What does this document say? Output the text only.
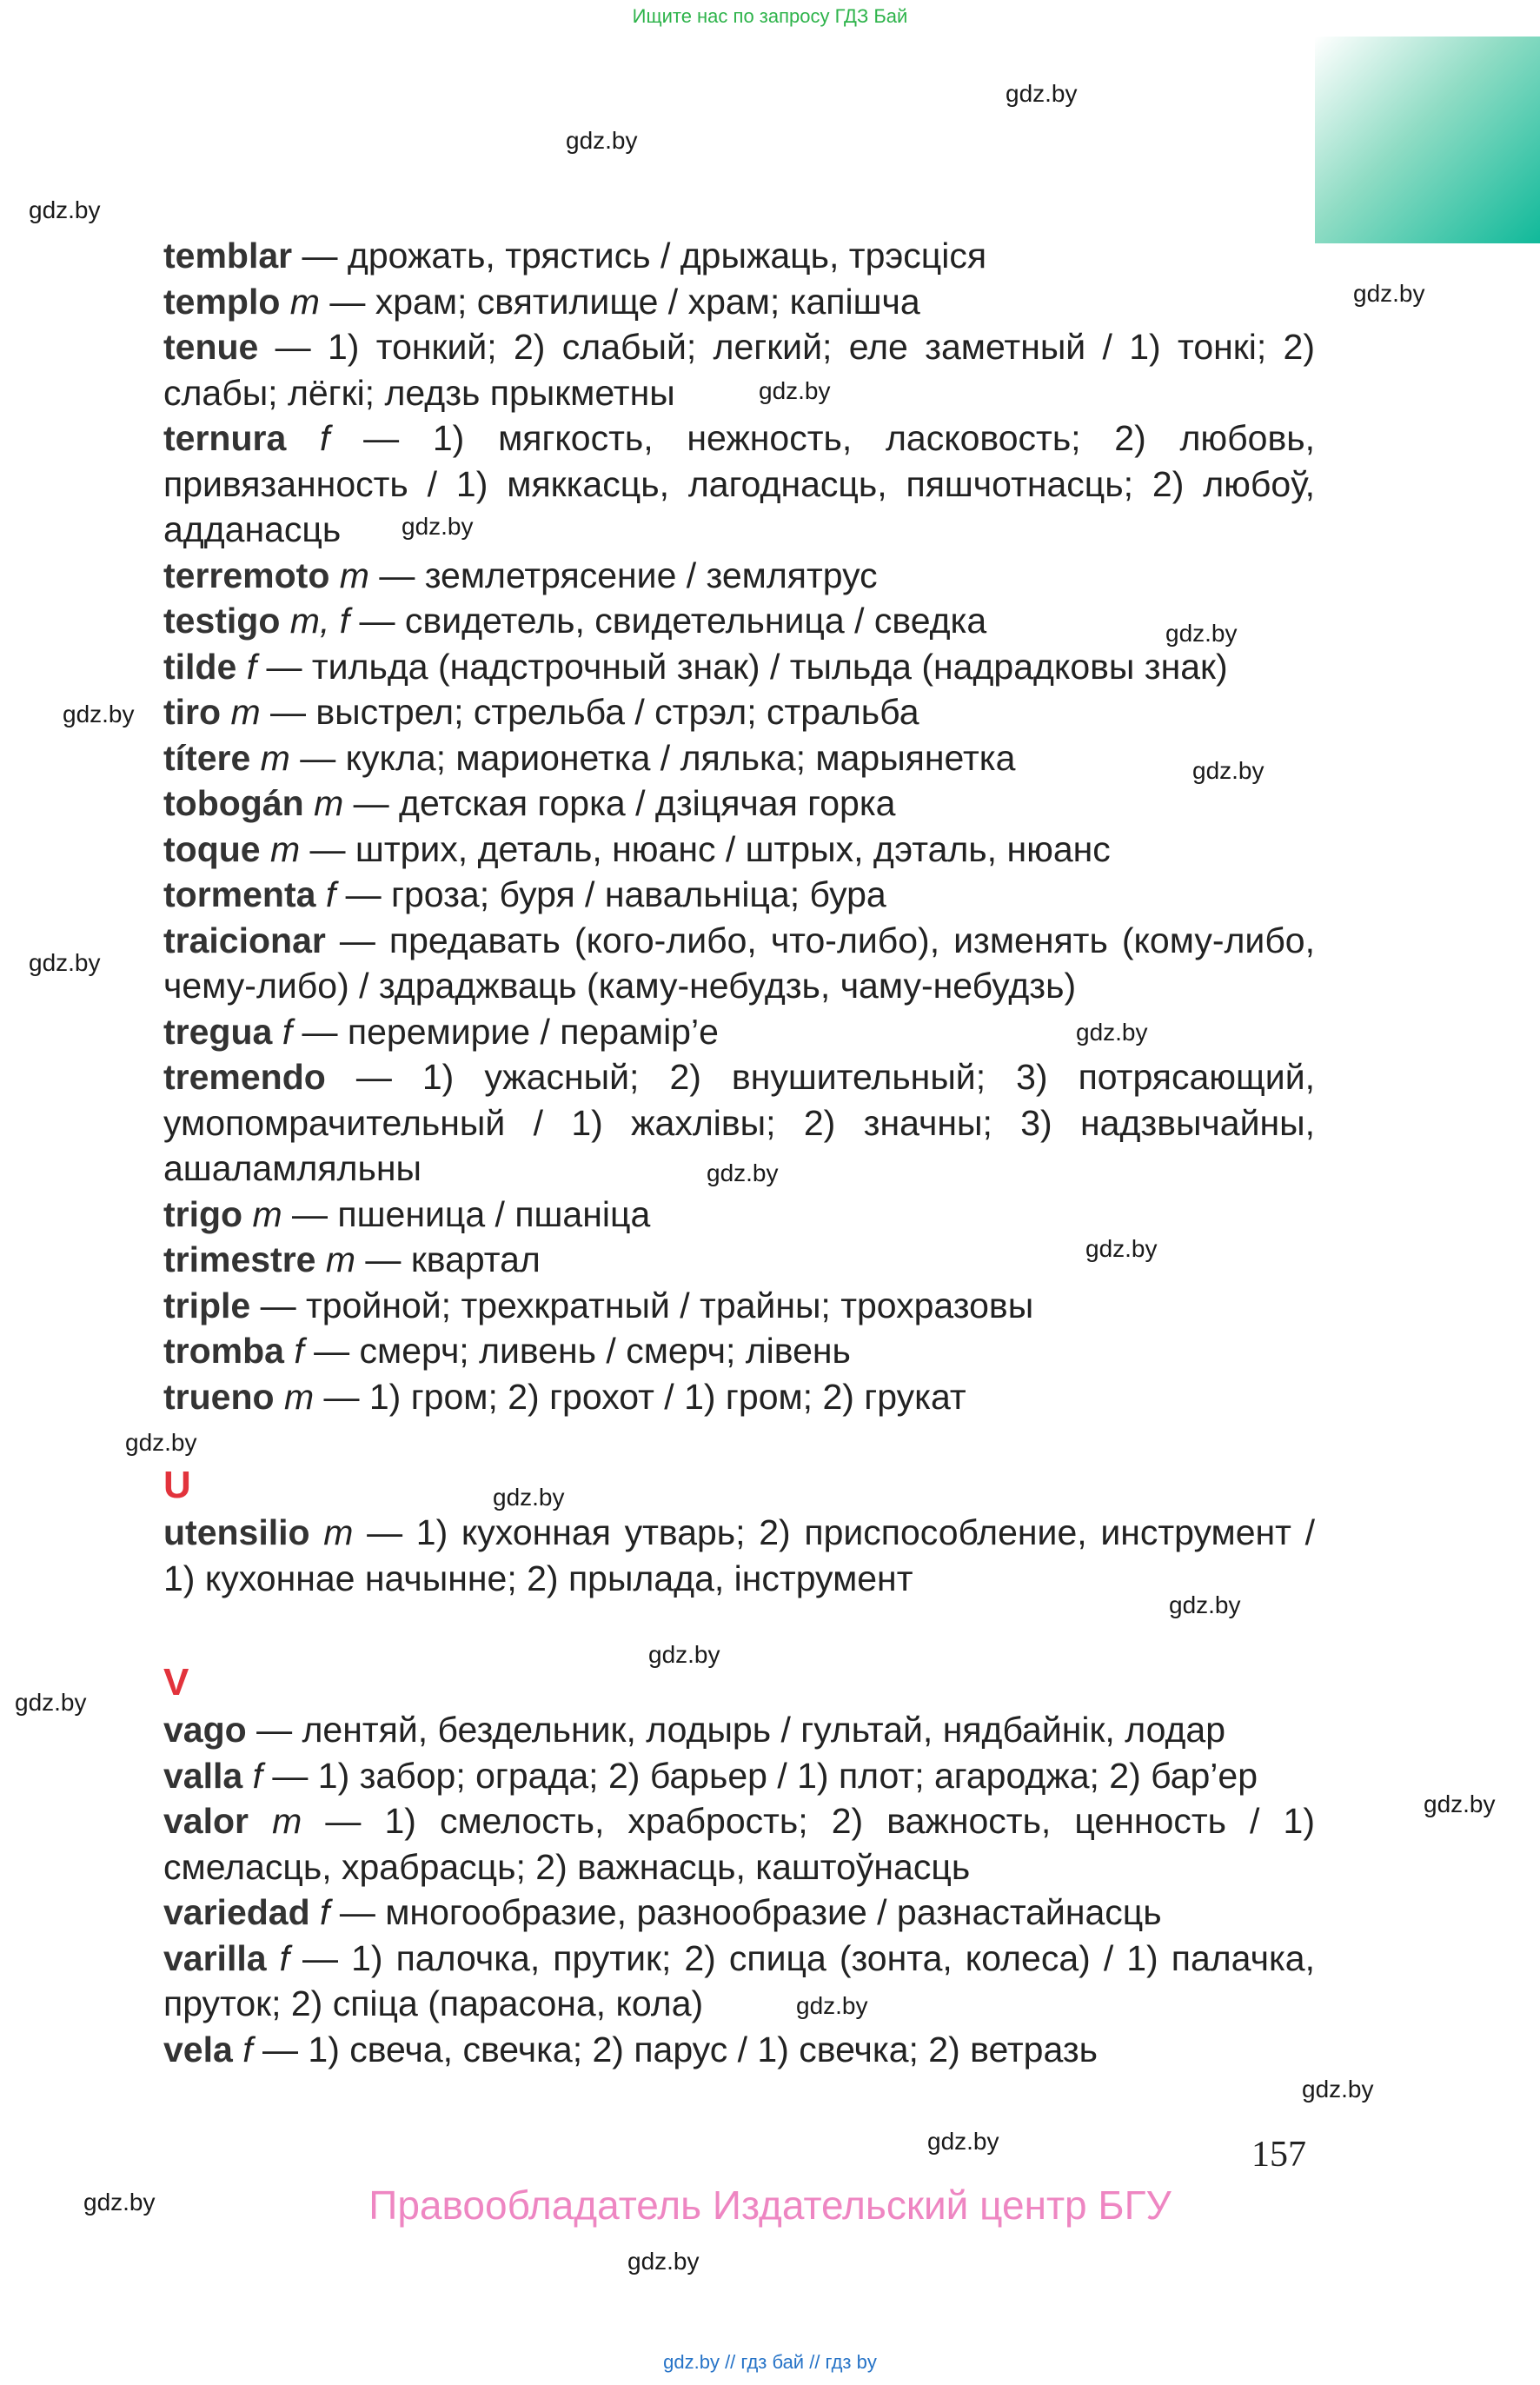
Ищите нас по запросу ГДЗ Бай
temblar — дрожать, трястись / дрыжаць, трэсціся
templo m — храм; святилище / храм; капішча
tenue — 1) тонкий; 2) слабый; легкий; еле заметный / 1) тонкі; 2) слабы; лёгкі; ледзь прыкметны
ternura f — 1) мягкость, нежность, ласковость; 2) любовь, привязанность / 1) мяккасць, лагоднасць, пяшчотнасць; 2) любоў, адданасць
terremoto m — землетрясение / землятрус
testigo m, f — свидетель, свидетельница / сведка
tilde f — тильда (надстрочный знак) / тыльда (надрадковы знак)
tiro m — выстрел; стрельба / стрэл; стральба
títere m — кукла; марионетка / лялька; марыянетка
tobogán m — детская горка / дзіцячая горка
toque m — штрих, деталь, нюанс / штрых, дэталь, нюанс
tormenta f — гроза; буря / навальніца; бура
traicionar — предавать (кого-либо, что-либо), изменять (кому-либо, чему-либо) / здраджваць (каму-небудзь, чаму-небудзь)
tregua f — перемирие / перамір’е
tremendo — 1) ужасный; 2) внушительный; 3) потрясающий, умопомрачительный / 1) жахлівы; 2) значны; 3) надзвычайны, ашаламляльны
trigo m — пшеница / пшаніца
trimestre m — квартал
triple — тройной; трехкратный / трайны; трохразовы
tromba f — смерч; ливень / смерч; лівень
trueno m — 1) гром; 2) грохот / 1) гром; 2) грукат
U
utensilio m — 1) кухонная утварь; 2) приспособление, инструмент / 1) кухоннае начынне; 2) прылада, інструмент
V
vago — лентяй, бездельник, лодырь / гультай, нядбайнік, лодар
valla f — 1) забор; ограда; 2) барьер / 1) плот; агароджа; 2) бар’ер
valor m — 1) смелость, храбрость; 2) важность, ценность / 1) смеласць, храбрасць; 2) важнасць, каштоўнасць
variedad f — многообразие, разнообразие / разнастайнасць
varilla f — 1) палочка, прутик; 2) спица (зонта, колеса) / 1) палачка, пруток; 2) спіца (парасона, кола)
vela f — 1) свеча, свечка; 2) парус / 1) свечка; 2) ветразь
gdz.by
gdz.by
gdz.by
gdz.by
gdz.by
gdz.by
gdz.by
gdz.by
gdz.by
gdz.by
gdz.by
gdz.by
gdz.by
gdz.by
gdz.by
gdz.by
gdz.by
gdz.by
gdz.by
gdz.by
gdz.by
gdz.by
gdz.by
gdz.by
157
Правообладатель Издательский центр БГУ
gdz.by // гдз бай // гдз by
